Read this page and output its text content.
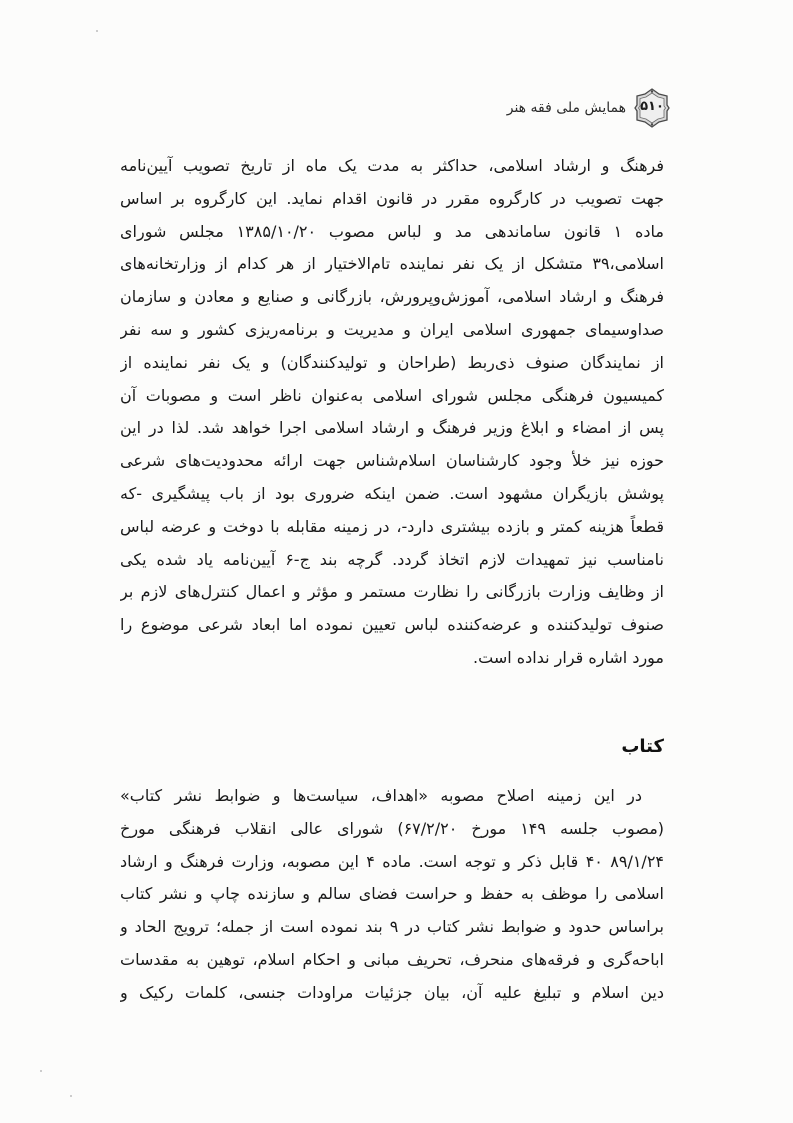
۵۱۰
همایش ملی فقه هنر
فرهنگ و ارشاد اسلامی، حداکثر به مدت یک ماه از تاریخ تصویب آیین‌نامه
جهت تصویب در کارگروه مقرر در قانون اقدام نماید. این کارگروه بر اساس
ماده ۱ قانون ساماندهی مد و لباس مصوب ۱۳۸۵/۱۰/۲۰ مجلس شورای
اسلامی،۳۹ متشکل از یک نفر نماینده تام‌الاختیار از هر کدام از وزارتخانه‌های
فرهنگ و ارشاد اسلامی، آموزش‌وپرورش، بازرگانی و صنایع و معادن و سازمان
صداوسیمای جمهوری اسلامی ایران و مدیریت و برنامه‌ریزی کشور و سه نفر
از نمایندگان صنوف ذی‌ربط (طراحان و تولیدکنندگان) و یک نفر نماینده از
کمیسیون فرهنگی مجلس شورای اسلامی به‌عنوان ناظر است و مصوبات آن
پس از امضاء و ابلاغ وزیر فرهنگ و ارشاد اسلامی اجرا خواهد شد. لذا در این
حوزه نیز خلأ وجود کارشناسان اسلام‌شناس جهت ارائه محدودیت‌های شرعی
پوشش بازیگران مشهود است. ضمن اینکه ضروری بود از باب پیشگیری -که
قطعاً هزینه کمتر و بازده بیشتری دارد-، در زمینه مقابله با دوخت و عرضه لباس
نامناسب نیز تمهیدات لازم اتخاذ گردد. گرچه بند ج-۶ آیین‌نامه یاد شده یکی
از وظایف وزارت بازرگانی را نظارت مستمر و مؤثر و اعمال کنترل‌های لازم بر
صنوف تولیدکننده و عرضه‌کننده لباس تعیین نموده اما ابعاد شرعی موضوع را
مورد اشاره قرار نداده است.
کتاب
در این زمینه اصلاح مصوبه «اهداف، سیاست‌ها و ضوابط نشر کتاب»
(مصوب جلسه ۱۴۹ مورخ ۶۷/۲/۲۰) شورای عالی انقلاب فرهنگی مورخ
۸۹/۱/۲۴ ۴۰ قابل ذکر و توجه است. ماده ۴ این مصوبه، وزارت فرهنگ و ارشاد
اسلامی را موظف به حفظ و حراست فضای سالم و سازنده چاپ و نشر کتاب
براساس حدود و ضوابط نشر کتاب در ۹ بند نموده است از جمله؛ ترویج الحاد و
اباحه‌گری و فرقه‌های منحرف، تحریف مبانی و احکام اسلام، توهین به مقدسات
دین اسلام و تبلیغ علیه آن، بیان جزئیات مراودات جنسی، کلمات رکیک و
